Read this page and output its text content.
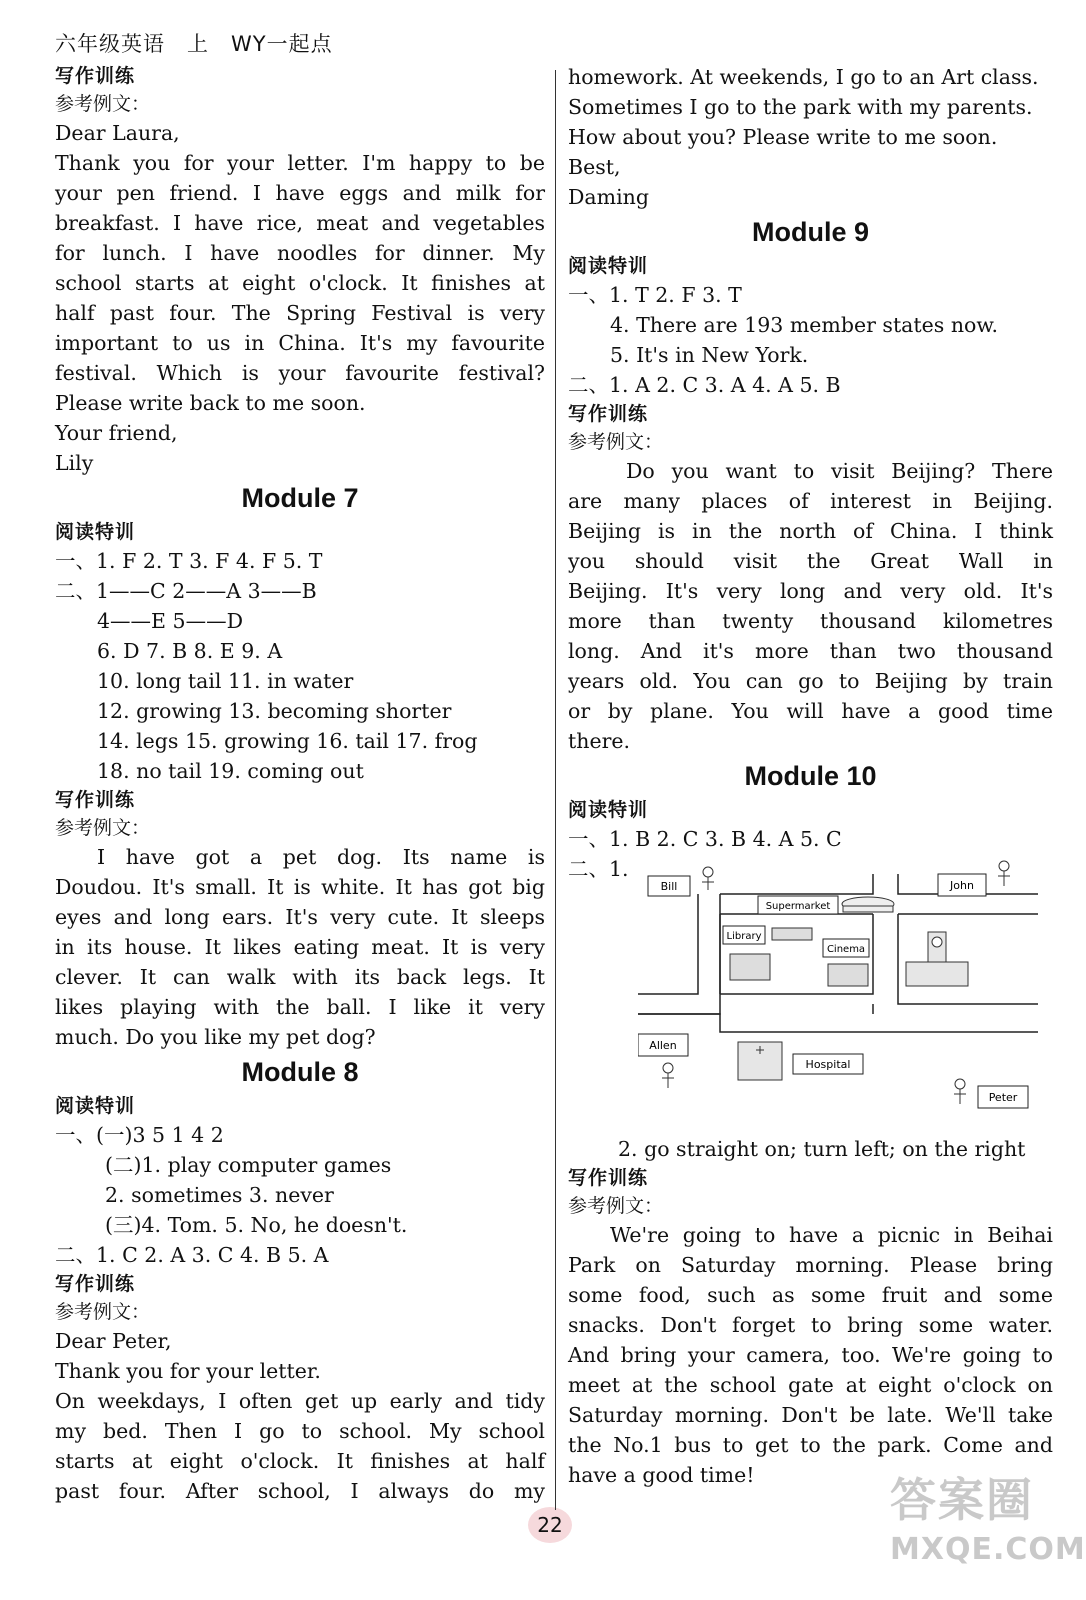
六年级英语　上　WY一起点
写作训练
参考例文：
Dear Laura,
Thank you for your letter. I'm happy to be
your pen friend. I have eggs and milk for
breakfast. I have rice, meat and vegetables
for lunch. I have noodles for dinner. My
school starts at eight o'clock. It finishes at
half past four. The Spring Festival is very
important to us in China. It's my favourite
festival. Which is your favourite festival?
Please write back to me soon.
Your friend,
Lily
Module 7
阅读特训
一、1. F 2. T 3. F 4. F 5. T
二、1——C 2——A 3——B
4——E 5——D
6. D 7. B 8. E 9. A
10. long tail 11. in water
12. growing 13. becoming shorter
14. legs 15. growing 16. tail 17. frog
18. no tail 19. coming out
写作训练
参考例文：
I have got a pet dog. Its name is
Doudou. It's small. It is white. It has got big
eyes and long ears. It's very cute. It sleeps
in its house. It likes eating meat. It is very
clever. It can walk with its back legs. It
likes playing with the ball. I like it very
much. Do you like my pet dog?
Module 8
阅读特训
一、(一)3 5 1 4 2
(二)1. play computer games
2. sometimes 3. never
(三)4. Tom. 5. No, he doesn't.
二、1. C 2. A 3. C 4. B 5. A
写作训练
参考例文：
Dear Peter,
Thank you for your letter.
On weekdays, I often get up early and tidy
my bed. Then I go to school. My school
starts at eight o'clock. It finishes at half
past four. After school, I always do my
homework. At weekends, I go to an Art class.
Sometimes I go to the park with my parents.
How about you? Please write to me soon.
Best,
Daming
Module 9
阅读特训
一、1. T 2. F 3. T
4. There are 193 member states now.
5. It's in New York.
二、1. A 2. C 3. A 4. A 5. B
写作训练
参考例文：
Do you want to visit Beijing? There
are many places of interest in Beijing.
Beijing is in the north of China. I think
you should visit the Great Wall in
Beijing. It's very long and very old. It's
more than twenty thousand kilometres
long. And it's more than two thousand
years old. You can go to Beijing by train
or by plane. You will have a good time
there.
Module 10
阅读特训
一、1. B 2. C 3. B 4. A 5. C
二、1.
Bill	John
Supermarket
Library
Cinema
Allen
Hospital
Peter
2. go straight on; turn left; on the right
写作训练
参考例文：
We're going to have a picnic in Beihai
Park on Saturday morning. Please bring
some food, such as some fruit and some
snacks. Don't forget to bring some water.
And bring your camera, too. We're going to
meet at the school gate at eight o'clock on
Saturday morning. Don't be late. We'll take
the No.1 bus to get to the park. Come and
have a good time!
22	答案圈
MXQE.COM
